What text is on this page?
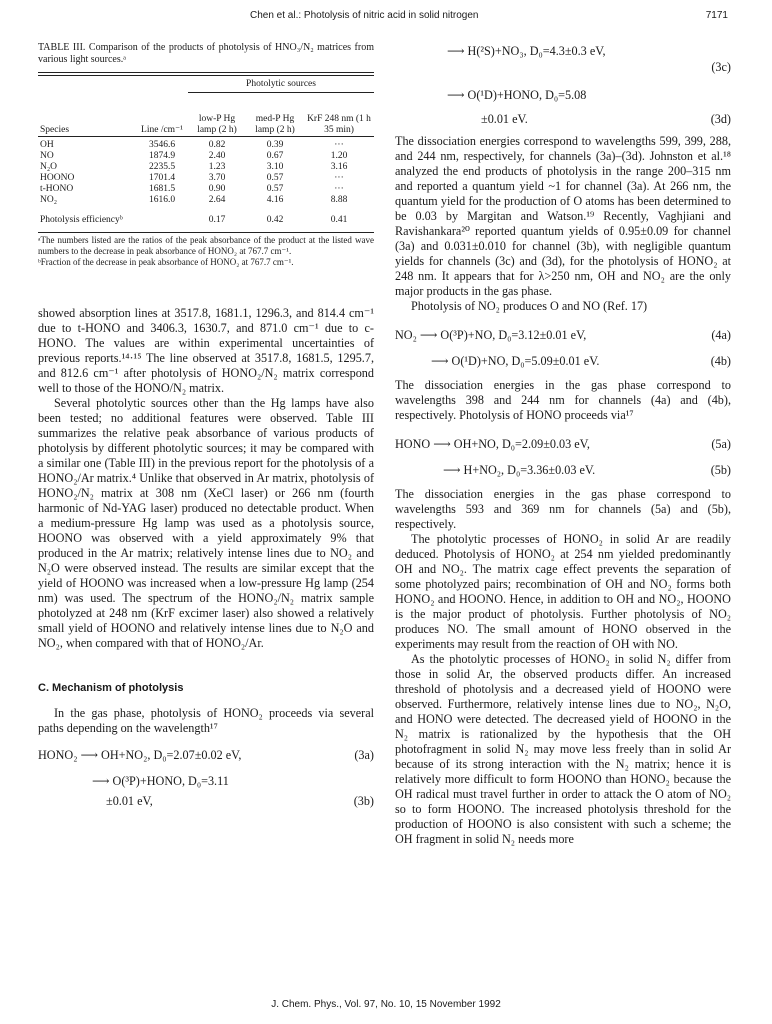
Chen et al.: Photolysis of nitric acid in solid nitrogen	7171
TABLE III. Comparison of the products of photolysis of HNO₃/N₂ matrices from various light sources.ᵃ

		Photolytic sources		
Species	Line /cm⁻¹	low-P Hg lamp (2 h)	med-P Hg lamp (2 h)	KrF 248 nm (1 h 35 min)

OH	3546.6	0.82	0.39	···
NO	1874.9	2.40	0.67	1.20
N₂O	2235.5	1.23	3.10	3.16
HOONO	1701.4	3.70	0.57	···
t-HONO	1681.5	0.90	0.57	···
NO₂	1616.0	2.64	4.16	8.88
Photolysis efficiencyᵇ		0.17	0.42	0.41
ᵃThe numbers listed are the ratios of the peak absorbance of the product at the listed wave numbers to the decrease in peak absorbance of HONO₂ at 767.7 cm⁻¹.
ᵇFraction of the decrease in peak absorbance of HONO₂ at 767.7 cm⁻¹.

showed absorption lines at 3517.8, 1681.1, 1296.3, and 814.4 cm⁻¹ due to t-HONO and 3406.3, 1630.7, and 871.0 cm⁻¹ due to c-HONO. The values are within experimental uncertainties of previous reports.¹⁴·¹⁵ The line observed at 3517.8, 1681.5, 1295.7, and 812.6 cm⁻¹ after photolysis of HONO₂/N₂ matrix correspond well to those of the HONO/N₂ matrix.

Several photolytic sources other than the Hg lamps have also been tested; no additional features were observed. Table III summarizes the relative peak absorbance of various products of photolysis by different photolytic sources; it may be compared with a similar one (Table III) in the previous report for the photolysis of a HONO₂/Ar matrix.⁴ Unlike that observed in Ar matrix, photolysis of HONO₂/N₂ matrix at 308 nm (XeCl laser) or 266 nm (fourth harmonic of Nd-YAG laser) produced no detectable product. When a medium-pressure Hg lamp was used as a photolysis source, HOONO was observed with a yield approximately 9% that produced in the Ar matrix; relatively intense lines due to NO₂ and N₂O were observed instead. The results are similar except that the yield of HOONO was increased when a low-pressure Hg lamp (254 nm) was used. The spectrum of the HONO₂/N₂ matrix sample photolyzed at 248 nm (KrF excimer laser) also showed a relatively small yield of HOONO and relatively intense lines due to N₂O and NO₂, when compared with that of HONO₂/Ar.

C. Mechanism of photolysis

In the gas phase, photolysis of HONO₂ proceeds via several paths depending on the wavelength¹⁷

HONO₂ ⟶ OH+NO₂, D₀=2.07±0.02 eV,	(3a)
⟶ O(³P)+HONO, D₀=3.11
±0.01 eV,	(3b)
⟶ H(²S)+NO₃, D₀=4.3±0.3 eV,
(3c)
⟶ O(¹D)+HONO, D₀=5.08
±0.01 eV.	(3d)

The dissociation energies correspond to wavelengths 599, 399, 288, and 244 nm, respectively, for channels (3a)–(3d). Johnston et al.¹⁸ analyzed the end products of photolysis in the range 200–315 nm and reported a quantum yield ~1 for channel (3a). At 266 nm, the quantum yield for the production of O atoms has been determined to be 0.03 by Margitan and Watson.¹⁹ Recently, Vaghjiani and Ravishankara²⁰ reported quantum yields of 0.95±0.09 for channel (3a) and 0.031±0.010 for channel (3b), with negligible quantum yields for channels (3c) and (3d), for the photolysis of HONO₂ at 248 nm. It appears that for λ>250 nm, OH and NO₂ are the only major products in the gas phase.

Photolysis of NO₂ produces O and NO (Ref. 17)

NO₂ ⟶ O(³P)+NO, D₀=3.12±0.01 eV,	(4a)
⟶ O(¹D)+NO, D₀=5.09±0.01 eV.	(4b)

The dissociation energies in the gas phase correspond to wavelengths 398 and 244 nm for channels (4a) and (4b), respectively. Photolysis of HONO proceeds via¹⁷

HONO ⟶ OH+NO, D₀=2.09±0.03 eV,	(5a)
⟶ H+NO₂, D₀=3.36±0.03 eV.	(5b)

The dissociation energies in the gas phase correspond to wavelengths 593 and 369 nm for channels (5a) and (5b), respectively.

The photolytic processes of HONO₂ in solid Ar are readily deduced. Photolysis of HONO₂ at 254 nm yielded predominantly OH and NO₂. The matrix cage effect prevents the separation of some photolyzed pairs; recombination of OH and NO₂ forms both HONO₂ and HOONO. Hence, in addition to OH and NO₂, HOONO is the major product of photolysis. Further photolysis of NO₂ produces NO. The small amount of HONO observed in the experiments may result from the reaction of OH with NO.

As the photolytic processes of HONO₂ in solid N₂ differ from those in solid Ar, the observed products differ. An increased threshold of photolysis and a decreased yield of HOONO were observed. Furthermore, relatively intense lines due to NO₂, N₂O, and HONO were detected. The decreased yield of HOONO in the N₂ matrix is rationalized by the hypothesis that the OH photofragment in solid N₂ may move less freely than in solid Ar because of its strong interaction with the N₂ matrix; hence it is relatively more difficult to form HOONO than HONO₂ because the OH radical must travel further in order to attack the O atom of NO₂ so to form HOONO. The increased photolysis threshold for the production of HOONO is also consistent with such a scheme; the OH fragment in solid N₂ needs more

J. Chem. Phys., Vol. 97, No. 10, 15 November 1992
